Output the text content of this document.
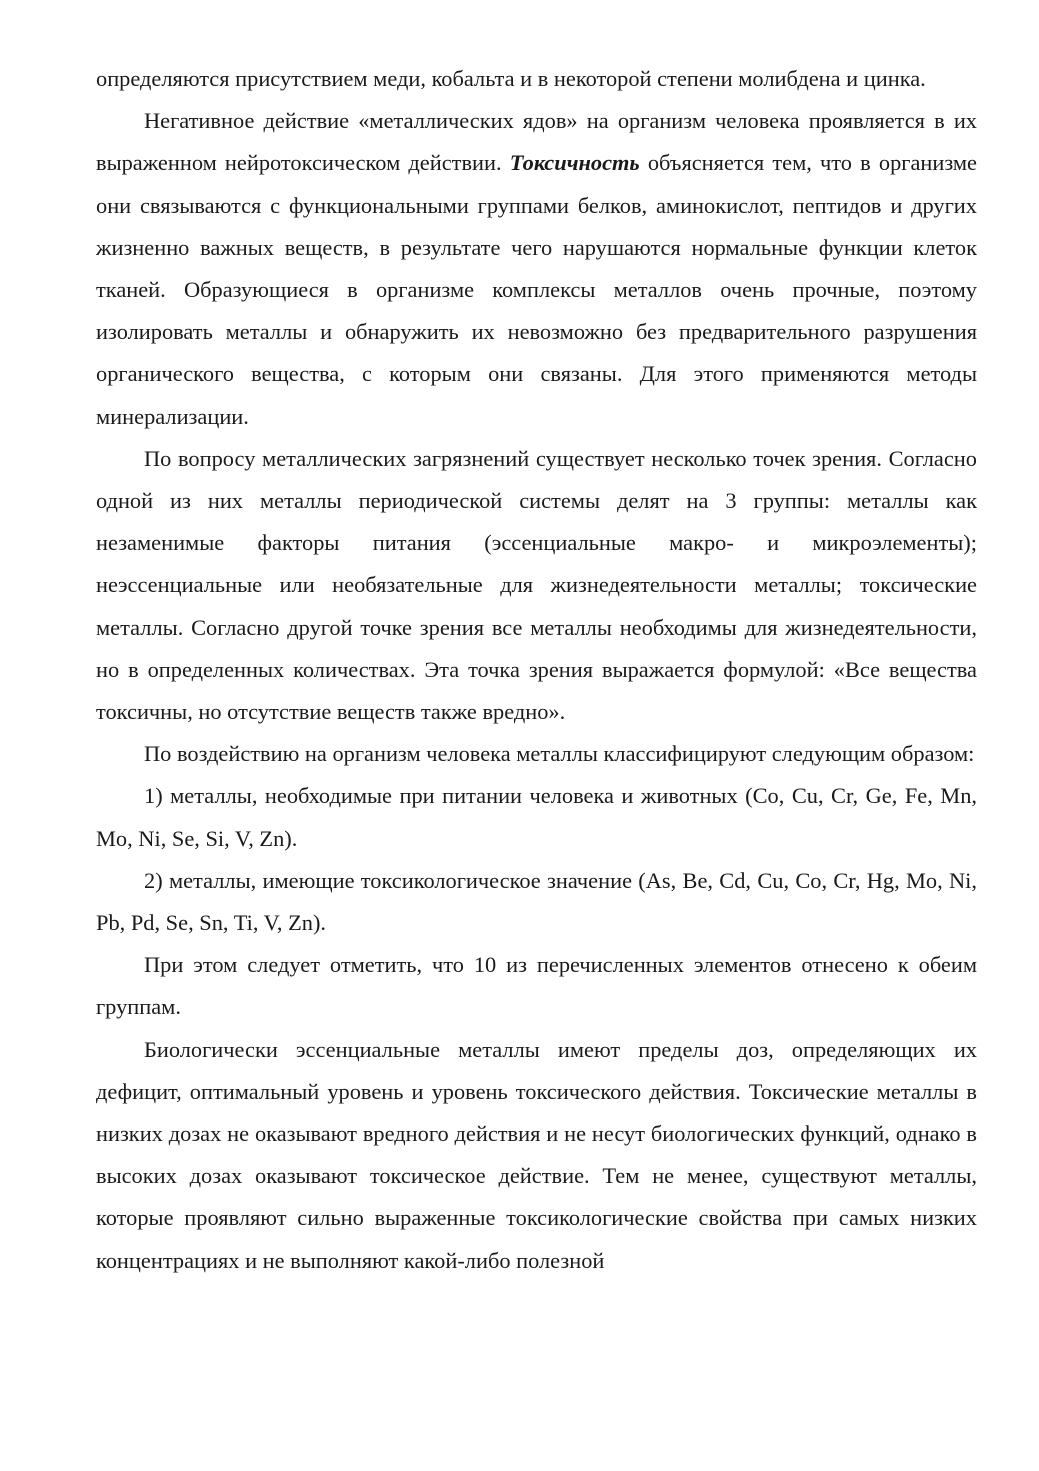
определяются присутствием меди, кобальта и в некоторой степени молибдена и цинка.

Негативное действие «металлических ядов» на организм человека проявляется в их выраженном нейротоксическом действии. Токсичность объясняется тем, что в организме они связываются с функциональными группами белков, аминокислот, пептидов и других жизненно важных веществ, в результате чего нарушаются нормальные функции клеток тканей. Образующиеся в организме комплексы металлов очень прочные, поэтому изолировать металлы и обнаружить их невозможно без предварительного разрушения органического вещества, с которым они связаны. Для этого применяются методы минерализации.

По вопросу металлических загрязнений существует несколько точек зрения. Согласно одной из них металлы периодической системы делят на 3 группы: металлы как незаменимые факторы питания (эссенциальные макро- и микроэлементы); неэссенциальные или необязательные для жизнедеятельности металлы; токсические металлы. Согласно другой точке зрения все металлы необходимы для жизнедеятельности, но в определенных количествах. Эта точка зрения выражается формулой: «Все вещества токсичны, но отсутствие веществ также вредно».

По воздействию на организм человека металлы классифицируют следующим образом:

1) металлы, необходимые при питании человека и животных (Co, Cu, Cr, Ge, Fe, Mn, Mo, Ni, Se, Si, V, Zn).

2) металлы, имеющие токсикологическое значение (As, Be, Cd, Cu, Co, Cr, Hg, Mo, Ni, Pb, Pd, Se, Sn, Ti, V, Zn).

При этом следует отметить, что 10 из перечисленных элементов отнесено к обеим группам.

Биологически эссенциальные металлы имеют пределы доз, определяющих их дефицит, оптимальный уровень и уровень токсического действия. Токсические металлы в низких дозах не оказывают вредного действия и не несут биологических функций, однако в высоких дозах оказывают токсическое действие. Тем не менее, существуют металлы, которые проявляют сильно выраженные токсикологические свойства при самых низких концентрациях и не выполняют какой-либо полезной
